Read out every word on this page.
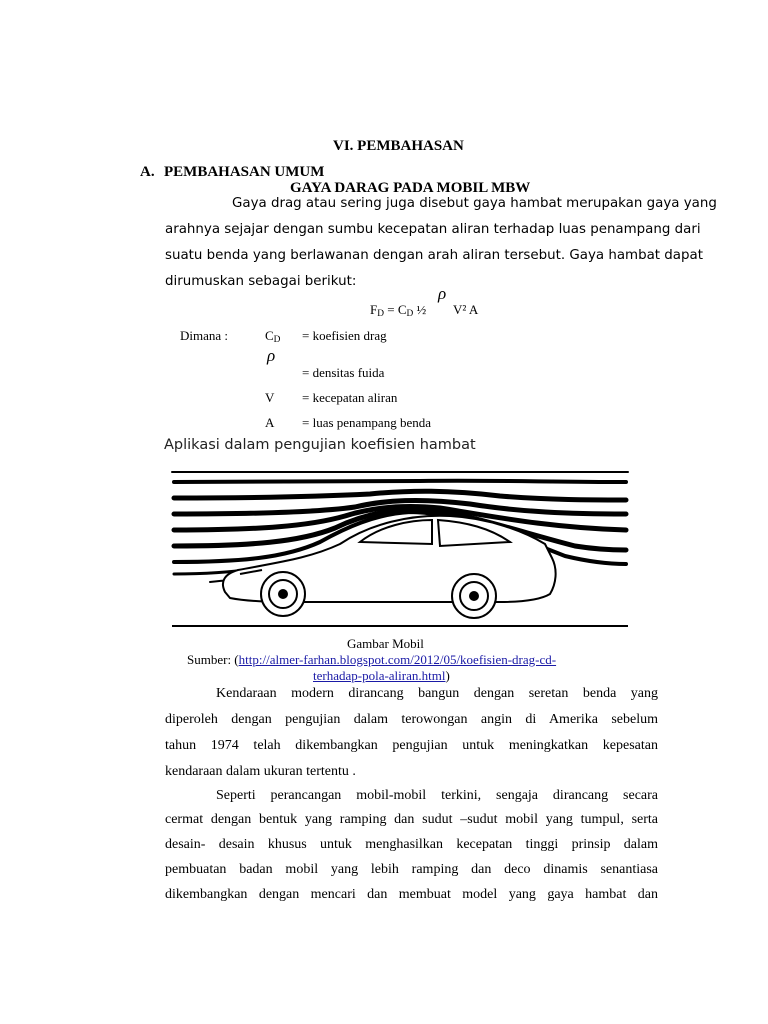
VI. PEMBAHASAN
A. PEMBAHASAN UMUM
GAYA DARAG PADA MOBIL MBW
Gaya drag atau sering juga disebut gaya hambat merupakan gaya yang
arahnya sejajar dengan sumbu kecepatan aliran terhadap luas penampang dari
suatu benda yang berlawanan dengan arah aliran tersebut. Gaya hambat dapat
dirumuskan sebagai berikut:
$F_D = C_D$ ½
ρ
V² A
Dimana :	$C_D$ = koefisien drag
ρ
= densitas fuida
V = kecepatan aliran
A = luas penampang benda
Aplikasi dalam pengujian koefisien hambat
Gambar Mobil
Sumber: (http://almer-farhan.blogspot.com/2012/05/koefisien-drag-cd-
terhadap-pola-aliran.html)
Kendaraan modern dirancang bangun dengan seretan benda yang
diperoleh dengan pengujian dalam terowongan angin di Amerika sebelum
tahun 1974 telah dikembangkan pengujian untuk meningkatkan kepesatan
kendaraan dalam ukuran tertentu .
Seperti perancangan mobil-mobil terkini, sengaja dirancang secara
cermat dengan bentuk yang ramping dan sudut –sudut mobil yang tumpul, serta
desain- desain khusus untuk menghasilkan kecepatan tinggi prinsip dalam
pembuatan badan mobil yang lebih ramping dan deco dinamis senantiasa
dikembangkan dengan mencari dan membuat model yang gaya hambat dan
